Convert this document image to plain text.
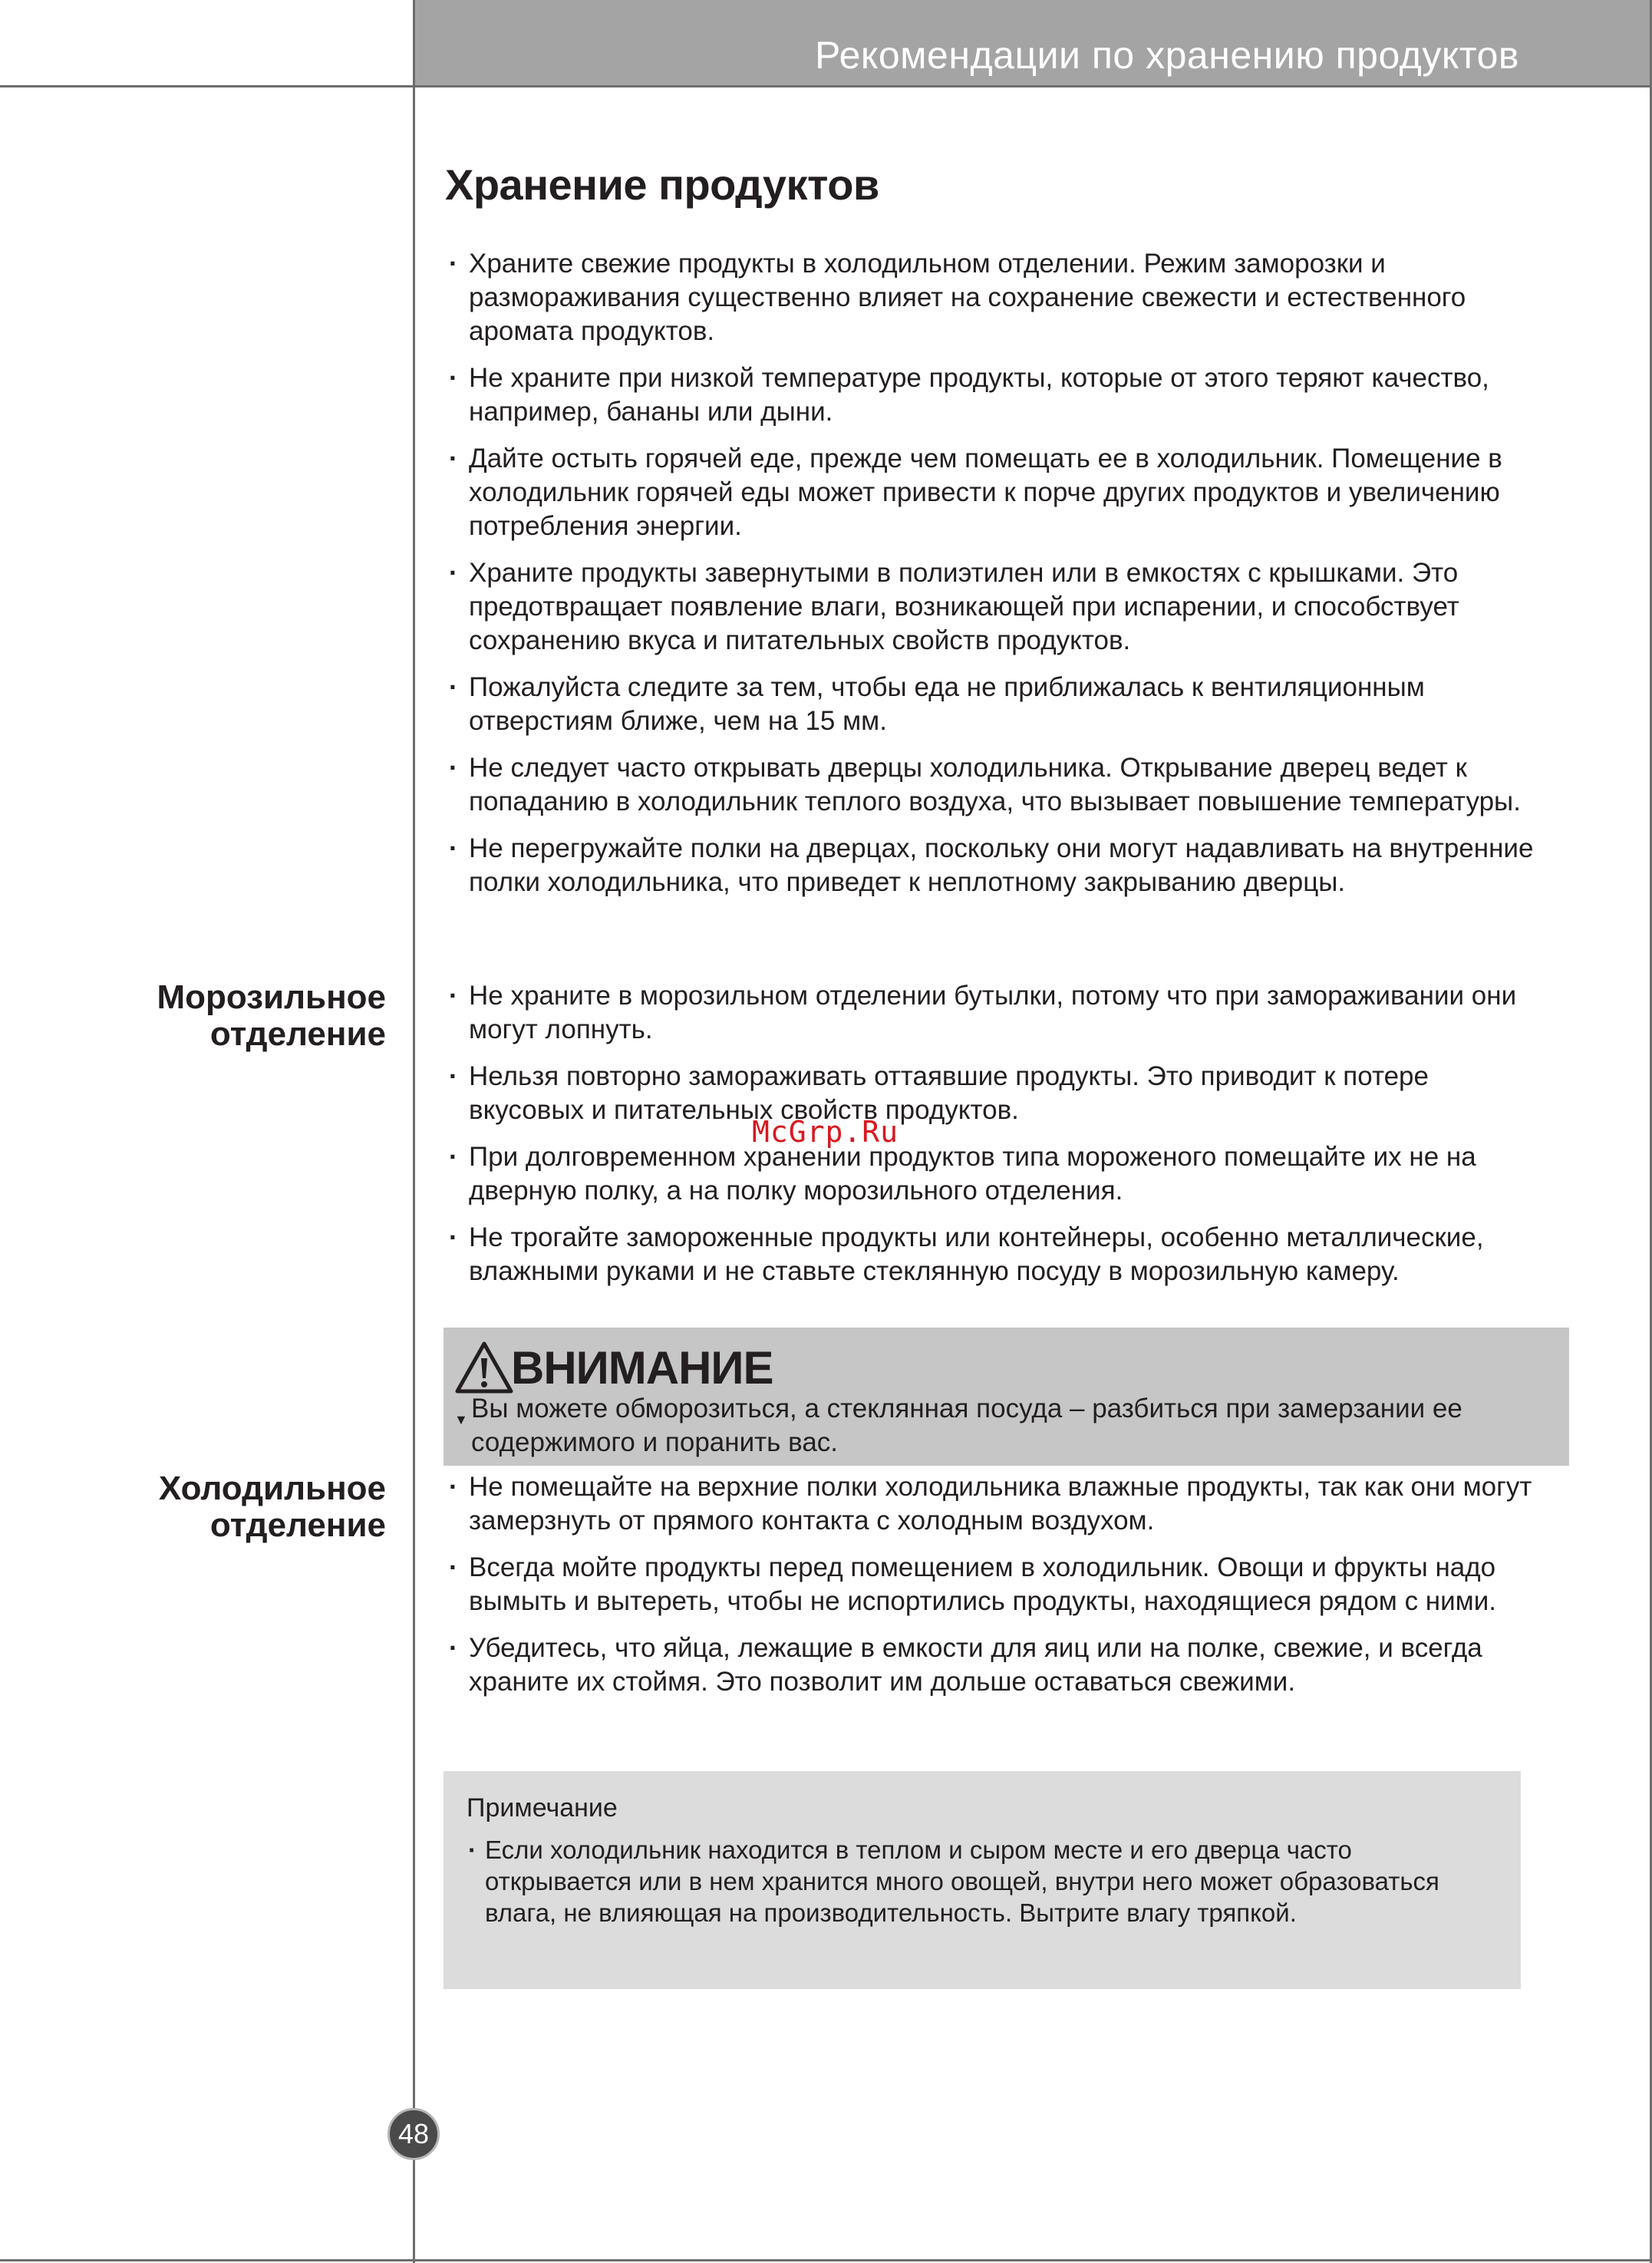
Рекомендации по хранению продуктов
Хранение продуктов
· Храните свежие продукты в холодильном отделении. Режим заморозки и размораживания существенно влияет на сохранение свежести и естественного аромата продуктов.
· Не храните при низкой температуре продукты, которые от этого теряют качество, например, бананы или дыни.
· Дайте остыть горячей еде, прежде чем помещать ее в холодильник. Помещение в холодильник горячей еды может привести к порче других продуктов и увеличению потребления энергии.
· Храните продукты завернутыми в полиэтилен или в емкостях с крышками. Это предотвращает появление влаги, возникающей при испарении, и способствует сохранению вкуса и питательных свойств продуктов.
· Пожалуйста следите за тем, чтобы еда не приближалась к вентиляционным отверстиям ближе, чем на 15 мм.
· Не следует часто открывать дверцы холодильника. Открывание дверец ведет к попаданию в холодильник теплого воздуха, что вызывает повышение температуры.
· Не перегружайте полки на дверцах, поскольку они могут надавливать на внутренние полки холодильника, что приведет к неплотному закрыванию дверцы.
Морозильное
отделение
· Не храните в морозильном отделении бутылки, потому что при замораживании они могут лопнуть.
· Нельзя повторно замораживать оттаявшие продукты. Это приводит к потере вкусовых и питательных свойств продуктов.
· При долговременном хранении продуктов типа мороженого помещайте их не на дверную полку, а на полку морозильного отделения.
· Не трогайте замороженные продукты или контейнеры, особенно металлические, влажными руками и не ставьте стеклянную посуду в морозильную камеру.
McGrp.Ru
ВНИМАНИЕ
▼ Вы можете обморозиться, а стеклянная посуда – разбиться при замерзании ее содержимого и поранить вас.
Холодильное
отделение
· Не помещайте на верхние полки холодильника влажные продукты, так как они могут замерзнуть от прямого контакта с холодным воздухом.
· Всегда мойте продукты перед помещением в холодильник. Овощи и фрукты надо вымыть и вытереть, чтобы не испортились продукты, находящиеся рядом с ними.
· Убедитесь, что яйца, лежащие в емкости для яиц или на полке, свежие, и всегда храните их стоймя. Это позволит им дольше оставаться свежими.
Примечание
· Если холодильник находится в теплом и сыром месте и его дверца часто открывается или в нем хранится много овощей, внутри него может образоваться влага, не влияющая на производительность. Вытрите влагу тряпкой.
48
